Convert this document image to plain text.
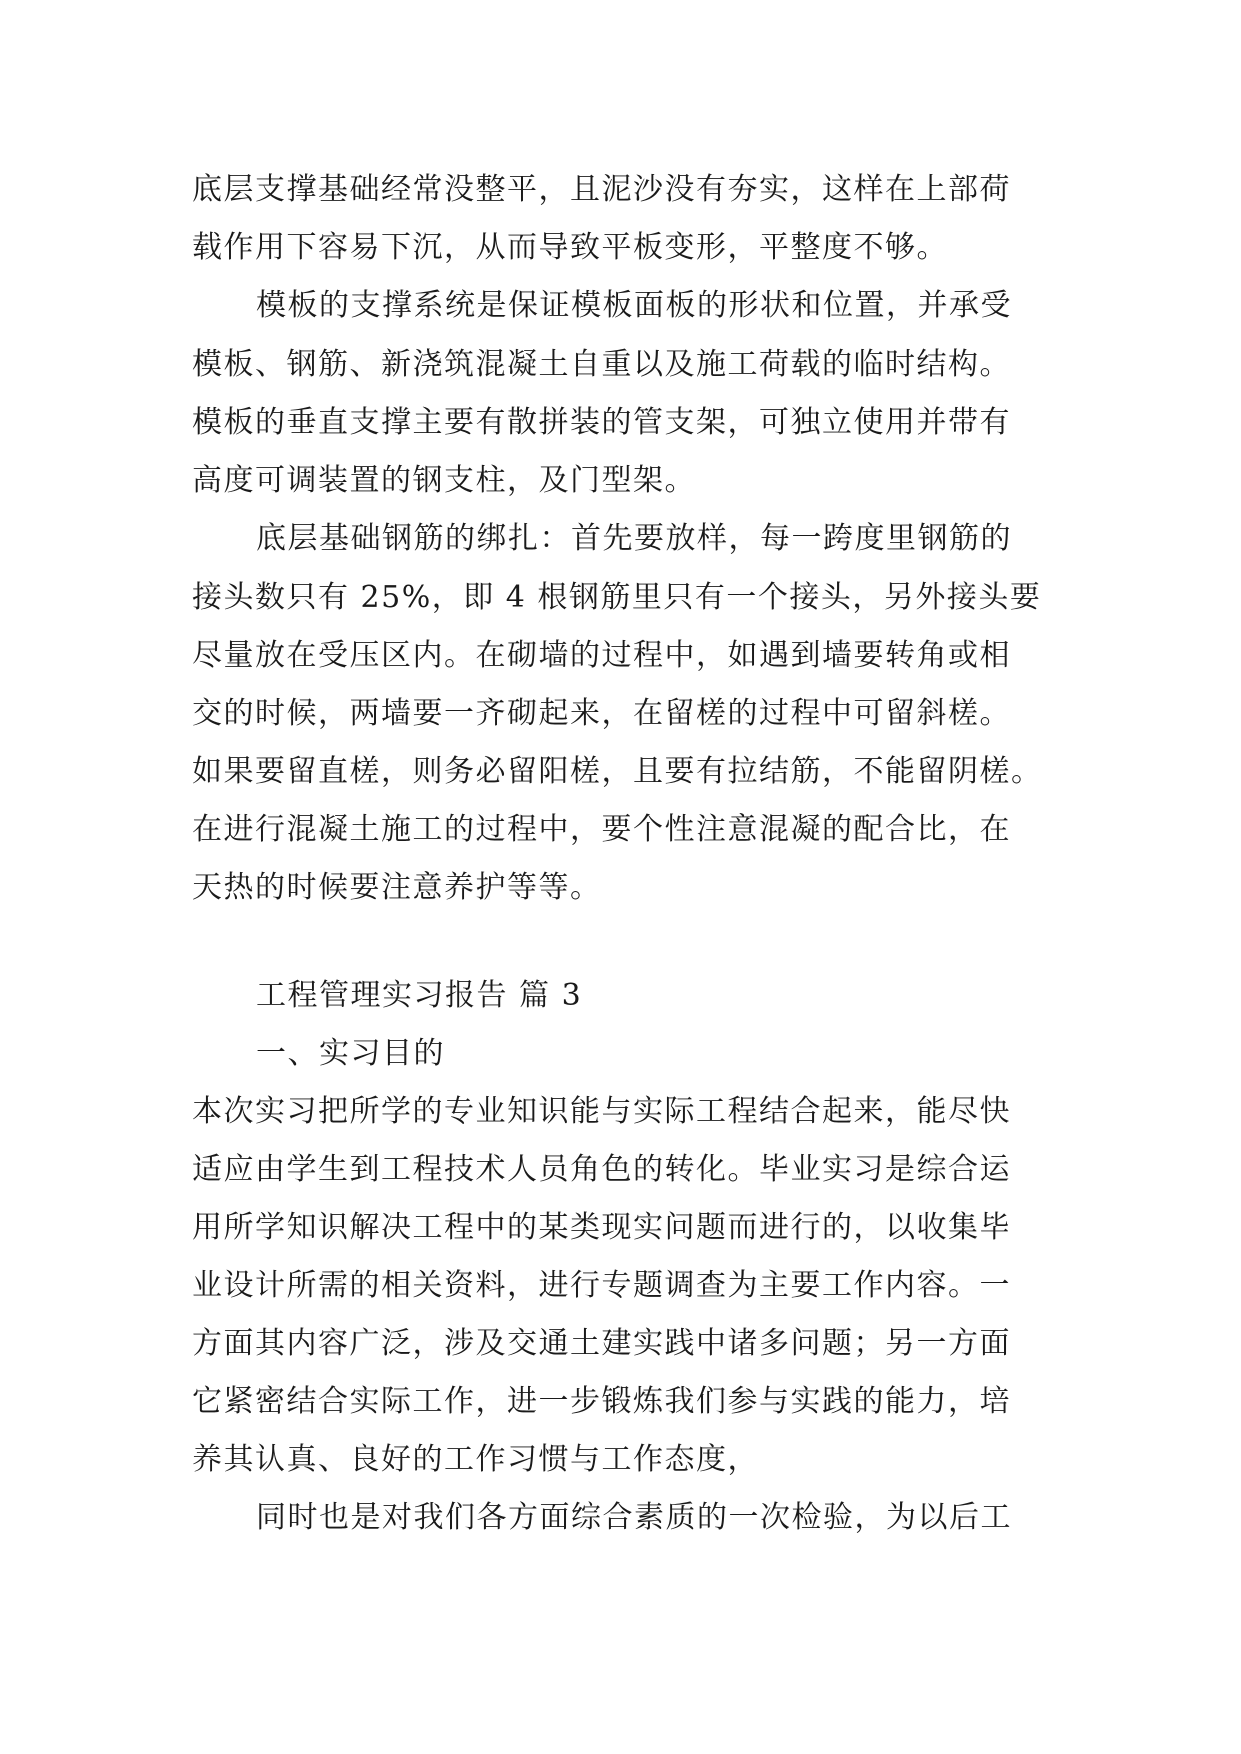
底层支撑基础经常没整平，且泥沙没有夯实，这样在上部荷
载作用下容易下沉，从而导致平板变形，平整度不够。
模板的支撑系统是保证模板面板的形状和位置，并承受
模板、钢筋、新浇筑混凝土自重以及施工荷载的临时结构。
模板的垂直支撑主要有散拼装的管支架，可独立使用并带有
高度可调装置的钢支柱，及门型架。
底层基础钢筋的绑扎：首先要放样，每一跨度里钢筋的
接头数只有 25%，即 4 根钢筋里只有一个接头，另外接头要
尽量放在受压区内。在砌墙的过程中，如遇到墙要转角或相
交的时候，两墙要一齐砌起来，在留槎的过程中可留斜槎。
如果要留直槎，则务必留阳槎，且要有拉结筋，不能留阴槎。
在进行混凝土施工的过程中，要个性注意混凝的配合比，在
天热的时候要注意养护等等。
工程管理实习报告 篇 3
一、实习目的
本次实习把所学的专业知识能与实际工程结合起来，能尽快
适应由学生到工程技术人员角色的转化。毕业实习是综合运
用所学知识解决工程中的某类现实问题而进行的，以收集毕
业设计所需的相关资料，进行专题调查为主要工作内容。一
方面其内容广泛，涉及交通土建实践中诸多问题；另一方面
它紧密结合实际工作，进一步锻炼我们参与实践的能力，培
养其认真、良好的工作习惯与工作态度，
同时也是对我们各方面综合素质的一次检验，为以后工
